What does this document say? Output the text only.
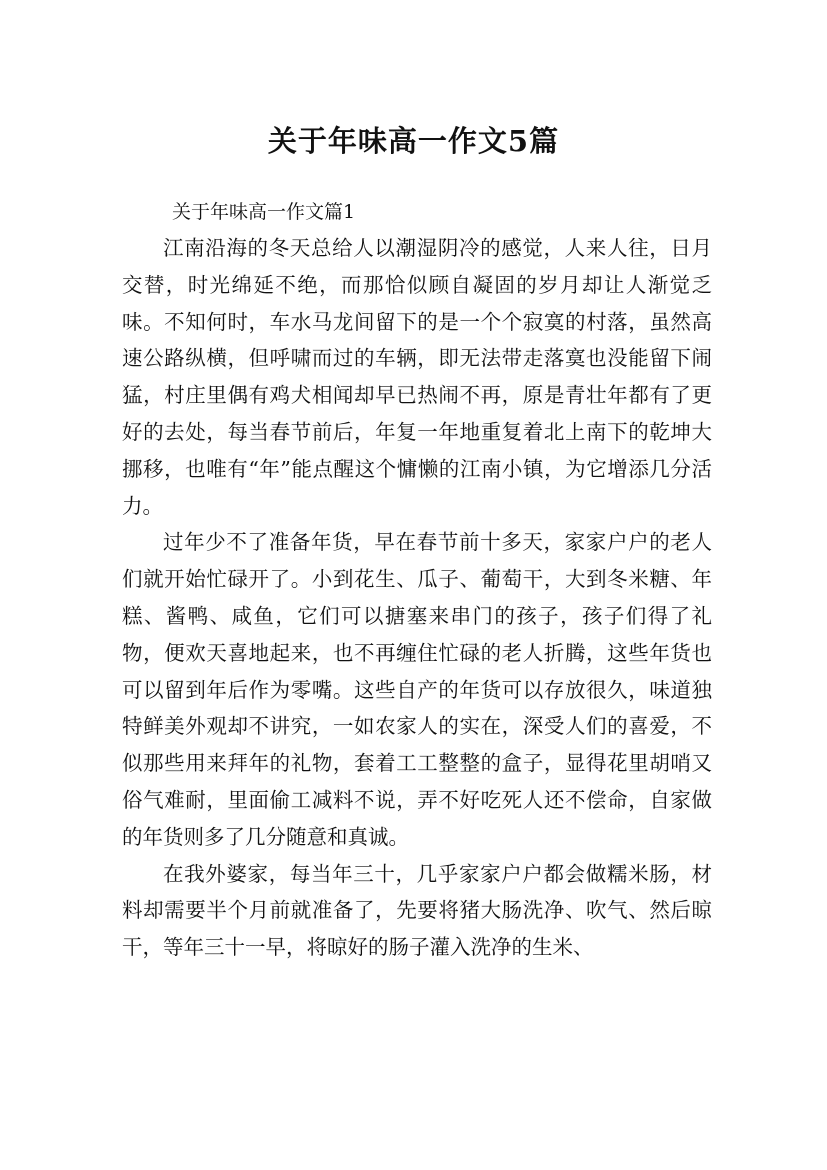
关于年味高一作文5篇
关于年味高一作文篇1

江南沿海的冬天总给人以潮湿阴冷的感觉，人来人往，日月交替，时光绵延不绝，而那恰似顾自凝固的岁月却让人渐觉乏味。不知何时，车水马龙间留下的是一个个寂寞的村落，虽然高速公路纵横，但呼啸而过的车辆，即无法带走落寞也没能留下闹猛，村庄里偶有鸡犬相闻却早已热闹不再，原是青壮年都有了更好的去处，每当春节前后，年复一年地重复着北上南下的乾坤大挪移，也唯有“年”能点醒这个慵懒的江南小镇，为它增添几分活力。

过年少不了准备年货，早在春节前十多天，家家户户的老人们就开始忙碌开了。小到花生、瓜子、葡萄干，大到冬米糖、年糕、酱鸭、咸鱼，它们可以搪塞来串门的孩子，孩子们得了礼物，便欢天喜地起来，也不再缠住忙碌的老人折腾，这些年货也可以留到年后作为零嘴。这些自产的年货可以存放很久，味道独特鲜美外观却不讲究，一如农家人的实在，深受人们的喜爱，不似那些用来拜年的礼物，套着工工整整的盒子，显得花里胡哨又俗气难耐，里面偷工减料不说，弄不好吃死人还不偿命，自家做的年货则多了几分随意和真诚。

在我外婆家，每当年三十，几乎家家户户都会做糯米肠，材料却需要半个月前就准备了，先要将猪大肠洗净、吹气、然后晾干，等年三十一早，将晾好的肠子灌入洗净的生米、
